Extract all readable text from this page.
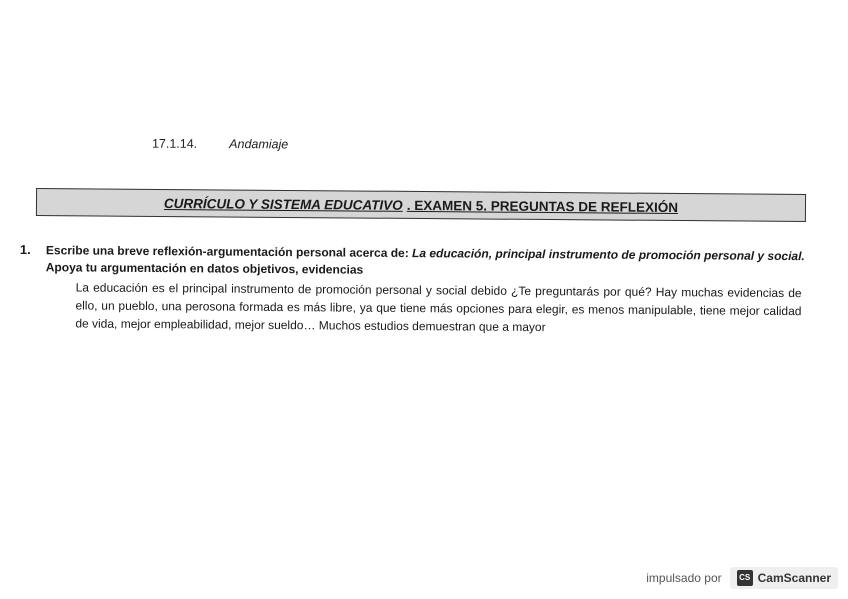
17.1.14.	Andamiaje
CURRÍCULO Y SISTEMA EDUCATIVO . EXAMEN 5. PREGUNTAS DE REFLEXIÓN
1. Escribe una breve reflexión-argumentación personal acerca de: La educación, principal instrumento de promoción personal y social. Apoya tu argumentación en datos objetivos, evidencias
La educación es el principal instrumento de promoción personal y social debido ¿Te preguntarás por qué? Hay muchas evidencias de ello, un pueblo, una perosona formada es más libre, ya que tiene más opciones para elegir, es menos manipulable, tiene mejor calidad de vida, mejor empleabilidad, mejor sueldo… Muchos estudios demuestran que a mayor
impulsado por	CS CamScanner
